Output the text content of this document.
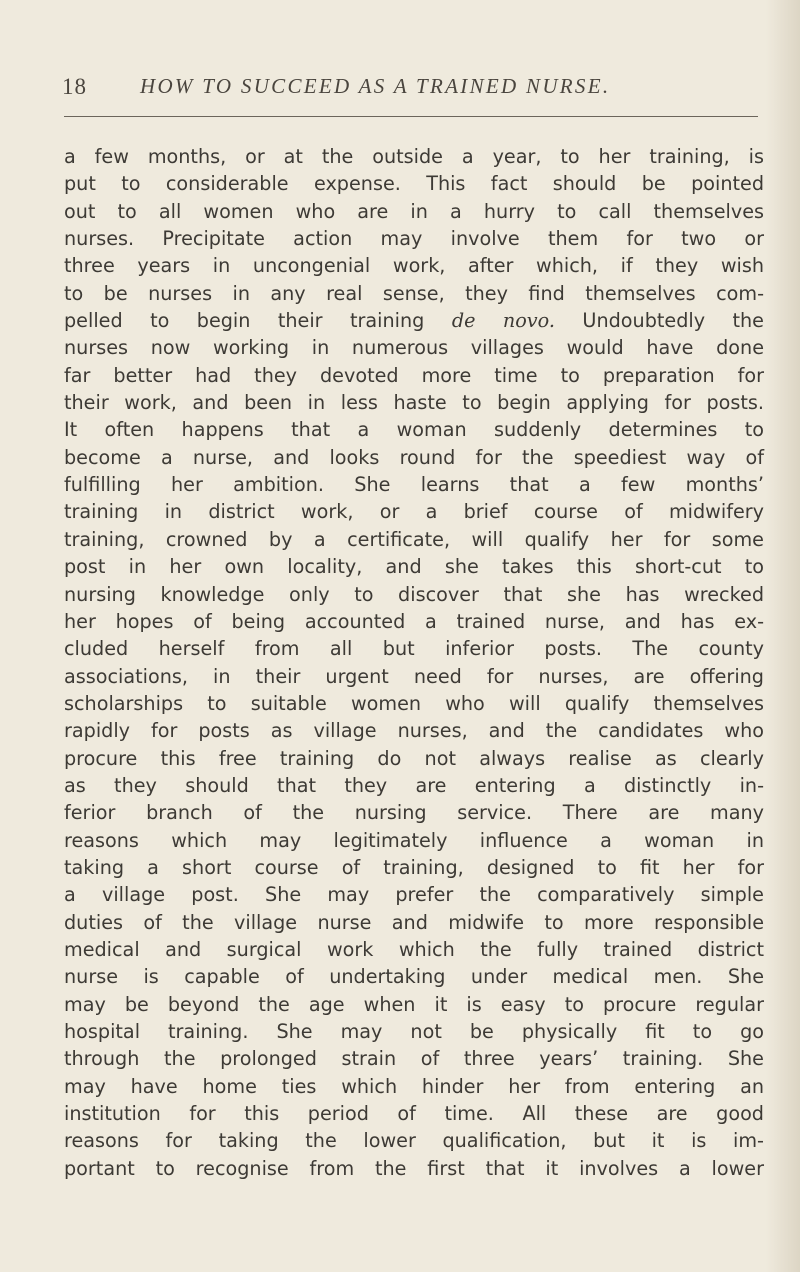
18	HOW TO SUCCEED AS A TRAINED NURSE.
a few months, or at the outside a year, to her training, is
put to considerable expense. This fact should be pointed
out to all women who are in a hurry to call themselves
nurses. Precipitate action may involve them for two or
three years in uncongenial work, after which, if they wish
to be nurses in any real sense, they find themselves com-
pelled to begin their training de novo. Undoubtedly the
nurses now working in numerous villages would have done
far better had they devoted more time to preparation for
their work, and been in less haste to begin applying for posts.
It often happens that a woman suddenly determines to
become a nurse, and looks round for the speediest way of
fulfilling her ambition. She learns that a few months’
training in district work, or a brief course of midwifery
training, crowned by a certificate, will qualify her for some
post in her own locality, and she takes this short-cut to
nursing knowledge only to discover that she has wrecked
her hopes of being accounted a trained nurse, and has ex-
cluded herself from all but inferior posts. The county
associations, in their urgent need for nurses, are offering
scholarships to suitable women who will qualify themselves
rapidly for posts as village nurses, and the candidates who
procure this free training do not always realise as clearly
as they should that they are entering a distinctly in-
ferior branch of the nursing service. There are many
reasons which may legitimately influence a woman in
taking a short course of training, designed to fit her for
a village post. She may prefer the comparatively simple
duties of the village nurse and midwife to more responsible
medical and surgical work which the fully trained district
nurse is capable of undertaking under medical men. She
may be beyond the age when it is easy to procure regular
hospital training. She may not be physically fit to go
through the prolonged strain of three years’ training. She
may have home ties which hinder her from entering an
institution for this period of time. All these are good
reasons for taking the lower qualification, but it is im-
portant to recognise from the first that it involves a lower
